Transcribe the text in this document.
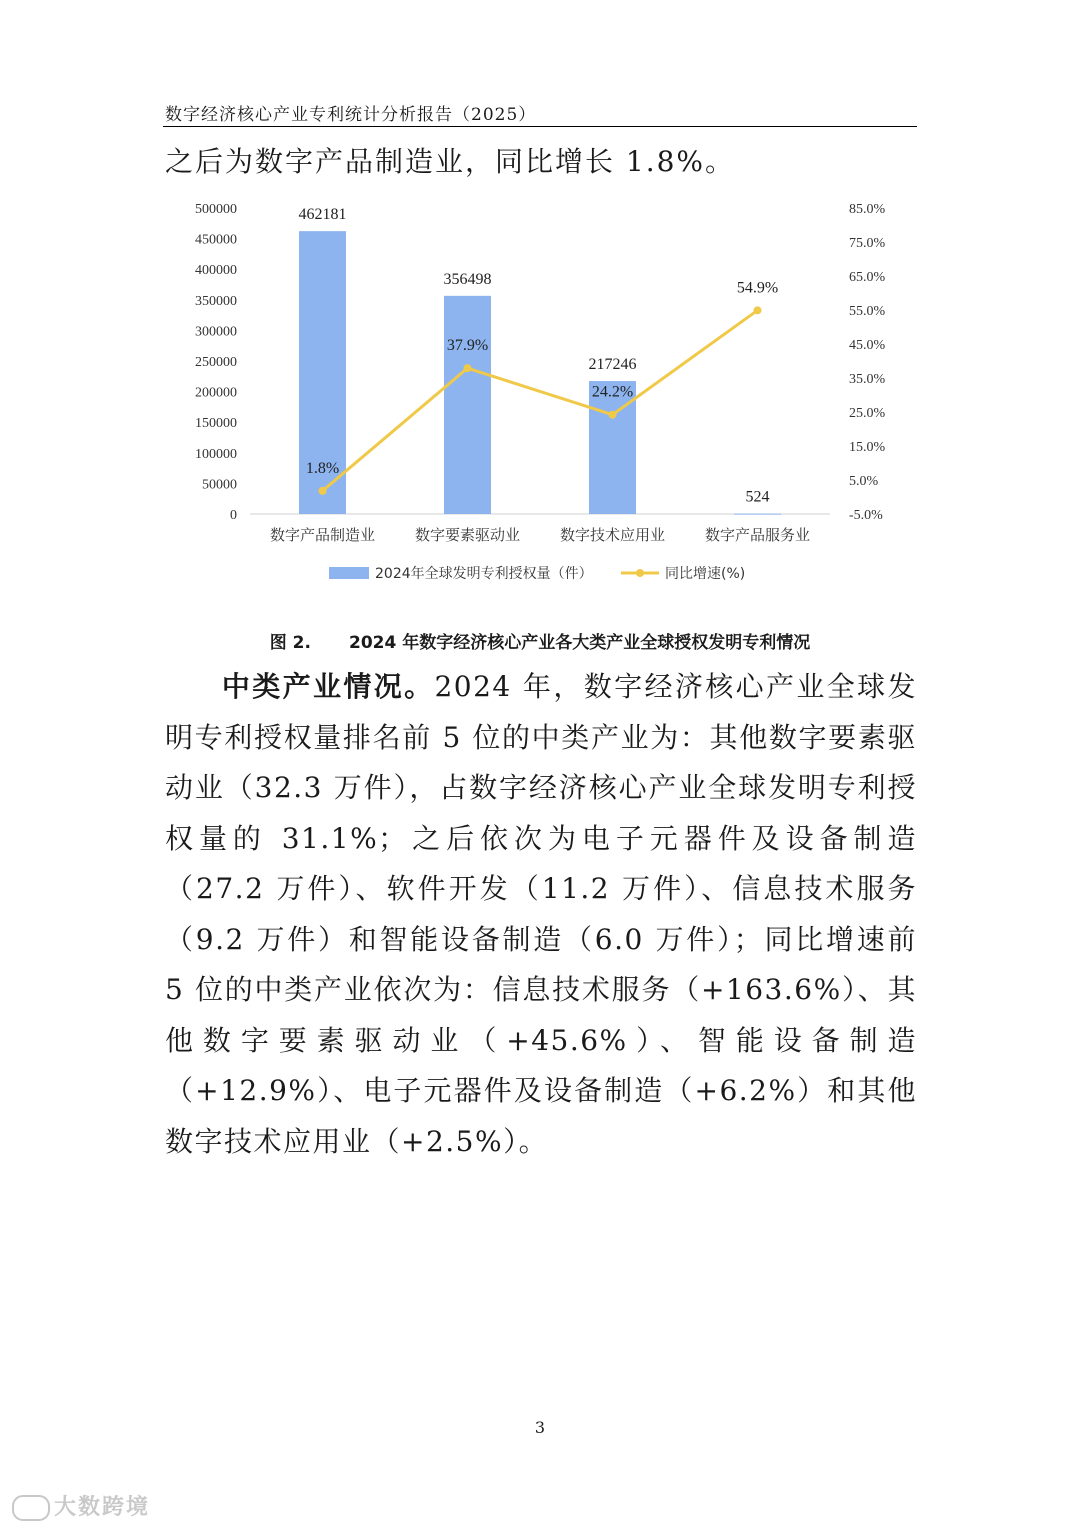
数字经济核心产业专利统计分析报告（2025）
之后为数字产品制造业，同比增长 1.8%。
0
50000
100000
150000
200000
250000
300000
350000
400000
450000
500000
-5.0%
5.0%
15.0%
25.0%
35.0%
45.0%
55.0%
65.0%
75.0%
85.0%
462181
356498
217246
524
1.8%
37.9%
24.2%
54.9%
数字产品制造业	数字要素驱动业	数字技术应用业	数字产品服务业
2024年全球发明专利授权量（件）	同比增速(%)
图 2. 2024 年数字经济核心产业各大类产业全球授权发明专利情况

中类产业情况。2024 年，数字经济核心产业全球发明专利授权量排名前 5 位的中类产业为：其他数字要素驱动业（32.3 万件），占数字经济核心产业全球发明专利授权量的 31.1%；之后依次为电子元器件及设备制造（27.2 万件）、软件开发（11.2 万件）、信息技术服务（9.2 万件）和智能设备制造（6.0 万件）；同比增速前 5 位的中类产业依次为：信息技术服务（+163.6%）、其他数字要素驱动业（+45.6%）、智能设备制造（+12.9%）、电子元器件及设备制造（+6.2%）和其他数字技术应用业（+2.5%）。

3
大数跨境
